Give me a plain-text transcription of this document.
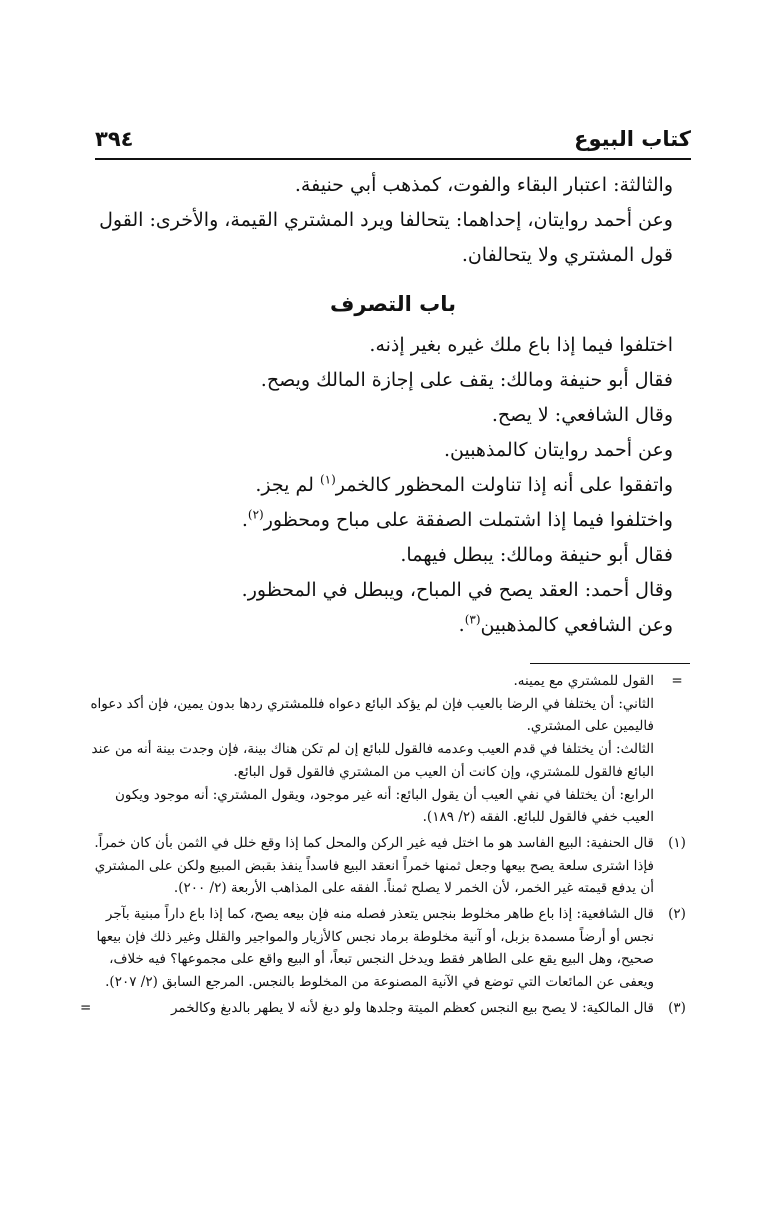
كتاب البيوع
٣٩٤

والثالثة: اعتبار البقاء والفوت، كمذهب أبي حنيفة.

وعن أحمد روايتان، إحداهما: يتحالفا ويرد المشتري القيمة، والأخرى: القول قول المشتري ولا يتحالفان.

باب التصرف

اختلفوا فيما إذا باع ملك غيره بغير إذنه.

فقال أبو حنيفة ومالك: يقف على إجازة المالك ويصح.

وقال الشافعي: لا يصح.

وعن أحمد روايتان كالمذهبين.

واتفقوا على أنه إذا تناولت المحظور كالخمر$^{(١)}$ لم يجز.

واختلفوا فيما إذا اشتملت الصفقة على مباح ومحظور$^{(٢)}$.

فقال أبو حنيفة ومالك: يبطل فيهما.

وقال أحمد: العقد يصح في المباح، ويبطل في المحظور.

وعن الشافعي كالمذهبين$^{(٣)}$.

=
القول للمشتري مع يمينه.
الثاني: أن يختلفا في الرضا بالعيب فإن لم يؤكد البائع دعواه فللمشتري ردها بدون يمين، فإن أكد دعواه فاليمين على المشتري.
الثالث: أن يختلفا في قدم العيب وعدمه فالقول للبائع إن لم تكن هناك بينة، فإن وجدت بينة أنه من عند البائع فالقول للمشتري، وإن كانت أن العيب من المشتري فالقول قول البائع.
الرابع: أن يختلفا في نفي العيب أن يقول البائع: أنه غير موجود، ويقول المشتري: أنه موجود ويكون العيب خفي فالقول للبائع. الفقه (٢/ ١٨٩).
(١)
قال الحنفية: البيع الفاسد هو ما اختل فيه غير الركن والمحل كما إذا وقع خلل في الثمن بأن كان خمراً. فإذا اشترى سلعة يصح بيعها وجعل ثمنها خمراً انعقد البيع فاسداً ينفذ بقبض المبيع ولكن على المشتري أن يدفع قيمته غير الخمر، لأن الخمر لا يصلح ثمناً. الفقه على المذاهب الأربعة (٢/ ٢٠٠).
(٢)
قال الشافعية: إذا باع طاهر مخلوط بنجس يتعذر فصله منه فإن بيعه يصح، كما إذا باع داراً مبنية بآجر نجس أو أرضاً مسمدة بزبل، أو آنية مخلوطة برماد نجس كالأزيار والمواجير والقلل وغير ذلك فإن بيعها صحيح، وهل البيع يقع على الطاهر فقط ويدخل النجس تبعاً، أو البيع واقع على مجموعها؟ فيه خلاف، ويعفى عن المائعات التي توضع في الآنية المصنوعة من المخلوط بالنجس. المرجع السابق (٢/ ٢٠٧).
(٣)
قال المالكية: لا يصح بيع النجس كعظم الميتة وجلدها ولو دبغ لأنه لا يطهر بالدبغ وكالخمر
=
